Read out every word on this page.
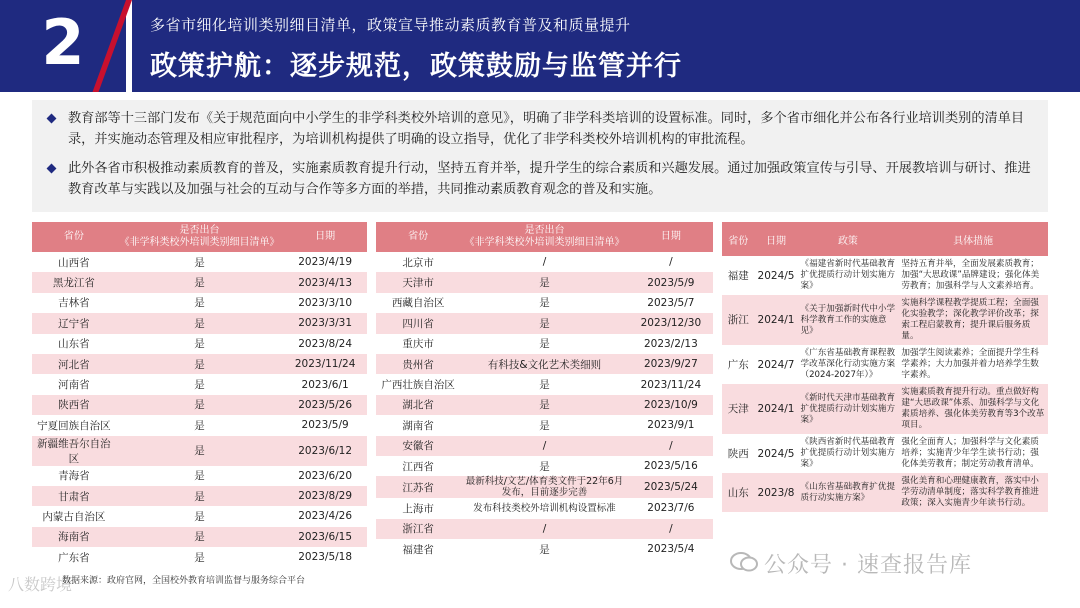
2	多省市细化培训类别细目清单，政策宣导推动素质教育普及和质量提升
政策护航：逐步规范，政策鼓励与监管并行
教育部等十三部门发布《关于规范面向中小学生的非学科类校外培训的意见》，明确了非学科类培训的设置标准。同时，多个省市细化并公布各行业培训类别的清单目录，并实施动态管理及相应审批程序，为培训机构提供了明确的设立指导，优化了非学科类校外培训机构的审批流程。
此外各省市积极推动素质教育的普及，实施素质教育提升行动，坚持五育并举，提升学生的综合素质和兴趣发展。通过加强政策宣传与引导、开展教培训与研讨、推进教育改革与实践以及加强与社会的互动与合作等多方面的举措，共同推动素质教育观念的普及和实施。
省份	是否出台
《非学科类校外培训类别细目清单》	日期
山西省	是	2023/4/19
黑龙江省	是	2023/4/13
吉林省	是	2023/3/10
辽宁省	是	2023/3/31
山东省	是	2023/8/24
河北省	是	2023/11/24
河南省	是	2023/6/1
陕西省	是	2023/5/26
宁夏回族自治区	是	2023/5/9
新疆维吾尔自治区	是	2023/6/12
青海省	是	2023/6/20
甘肃省	是	2023/8/29
内蒙古自治区	是	2023/4/26
海南省	是	2023/6/15
广东省	是	2023/5/18
省份	是否出台
《非学科类校外培训类别细目清单》	日期
北京市	/	/
天津市	是	2023/5/9
西藏自治区	是	2023/5/7
四川省	是	2023/12/30
重庆市	是	2023/2/13
贵州省	有科技&文化艺术类细则	2023/9/27
广西壮族自治区	是	2023/11/24
湖北省	是	2023/10/9
湖南省	是	2023/9/1
安徽省	/	/
江西省	是	2023/5/16
江苏省	最新科技/文艺/体育类文件于22年6月发布，目前逐步完善	2023/5/24
上海市	发布科技类校外培训机构设置标准	2023/7/6
浙江省	/	/
福建省	是	2023/5/4
省份	日期	政策	具体措施
福建	2024/5	《福建省新时代基础教育扩优提质行动计划实施方案》	坚持五育并举，全面发展素质教育；加强“大思政课”品牌建设；强化体美劳教育；加强科学与人文素养培育。
浙江	2024/1	《关于加强新时代中小学科学教育工作的实施意见》	实施科学课程教学提质工程；全面强化实验教学；深化教学评价改革；探索工程启蒙教育；提升课后服务质量。
广东	2024/7	《广东省基础教育课程教学改革深化行动实施方案（2024-2027年）》	加强学生阅读素养；全面提升学生科学素养；大力加强并着力培养学生数字素养。
天津	2024/1	《新时代天津市基础教育扩优提质行动计划实施方案》	实施素质教育提升行动。重点做好构建“大思政课”体系、加强科学与文化素质培养、强化体美劳教育等3个改革项目。
陕西	2024/5	《陕西省新时代基础教育扩优提质行动计划实施方案》	强化全面育人；加强科学与文化素质培养；实施青少年学生读书行动；强化体美劳教育；制定劳动教育清单。
山东	2023/8	《山东省基础教育扩优提质行动实施方案》	强化美育和心理健康教育，落实中小学劳动清单制度；落实科学教育推进政策；深入实施青少年读书行动。
八数跨境
数据来源：政府官网，全国校外教育培训监督与服务综合平台
公众号 · 速查报告库
